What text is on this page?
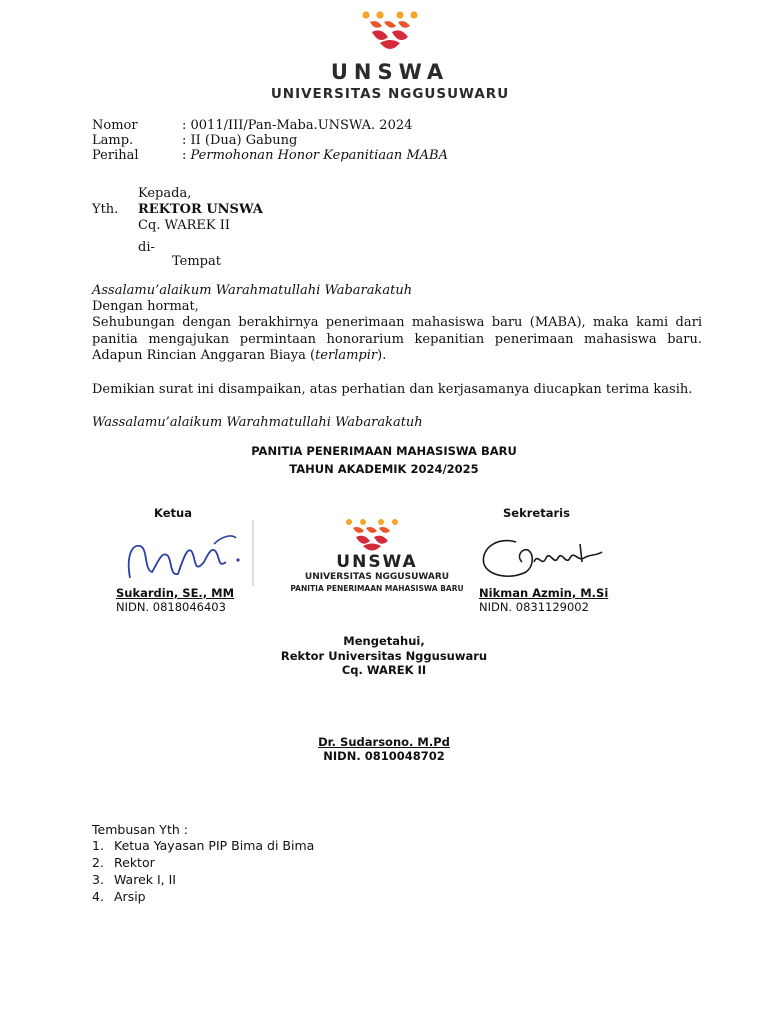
UNSWA
UNIVERSITAS NGGUSUWARU
Nomor	: 0011/III/Pan-Maba.UNSWA. 2024
Lamp.	: II (Dua) Gabung
Perihal	: Permohonan Honor Kepanitiaan MABA
Kepada,
Yth. REKTOR UNSWA
Cq. WAREK II
di-
Tempat
Assalamu’alaikum Warahmatullahi Wabarakatuh
Dengan hormat,
Sehubungan dengan berakhirnya penerimaan mahasiswa baru (MABA), maka kami dari panitia mengajukan permintaan honorarium kepanitian penerimaan mahasiswa baru. Adapun Rincian Anggaran Biaya (terlampir).
Demikian surat ini disampaikan, atas perhatian dan kerjasamanya diucapkan terima kasih.
Wassalamu’alaikum Warahmatullahi Wabarakatuh
PANITIA PENERIMAAN MAHASISWA BARU
TAHUN AKADEMIK 2024/2025
Ketua	Sekretaris
UNSWA
UNIVERSITAS NGGUSUWARU
PANITIA PENERIMAAN MAHASISWA BARU
Sukardin, SE., MM
NIDN. 0818046403
Nikman Azmin, M.Si
NIDN. 0831129002
Mengetahui,
Rektor Universitas Nggusuwaru
Cq. WAREK II
Dr. Sudarsono. M.Pd
NIDN. 0810048702
Tembusan Yth :
1. Ketua Yayasan PIP Bima di Bima
2. Rektor
3. Warek I, II
4. Arsip
